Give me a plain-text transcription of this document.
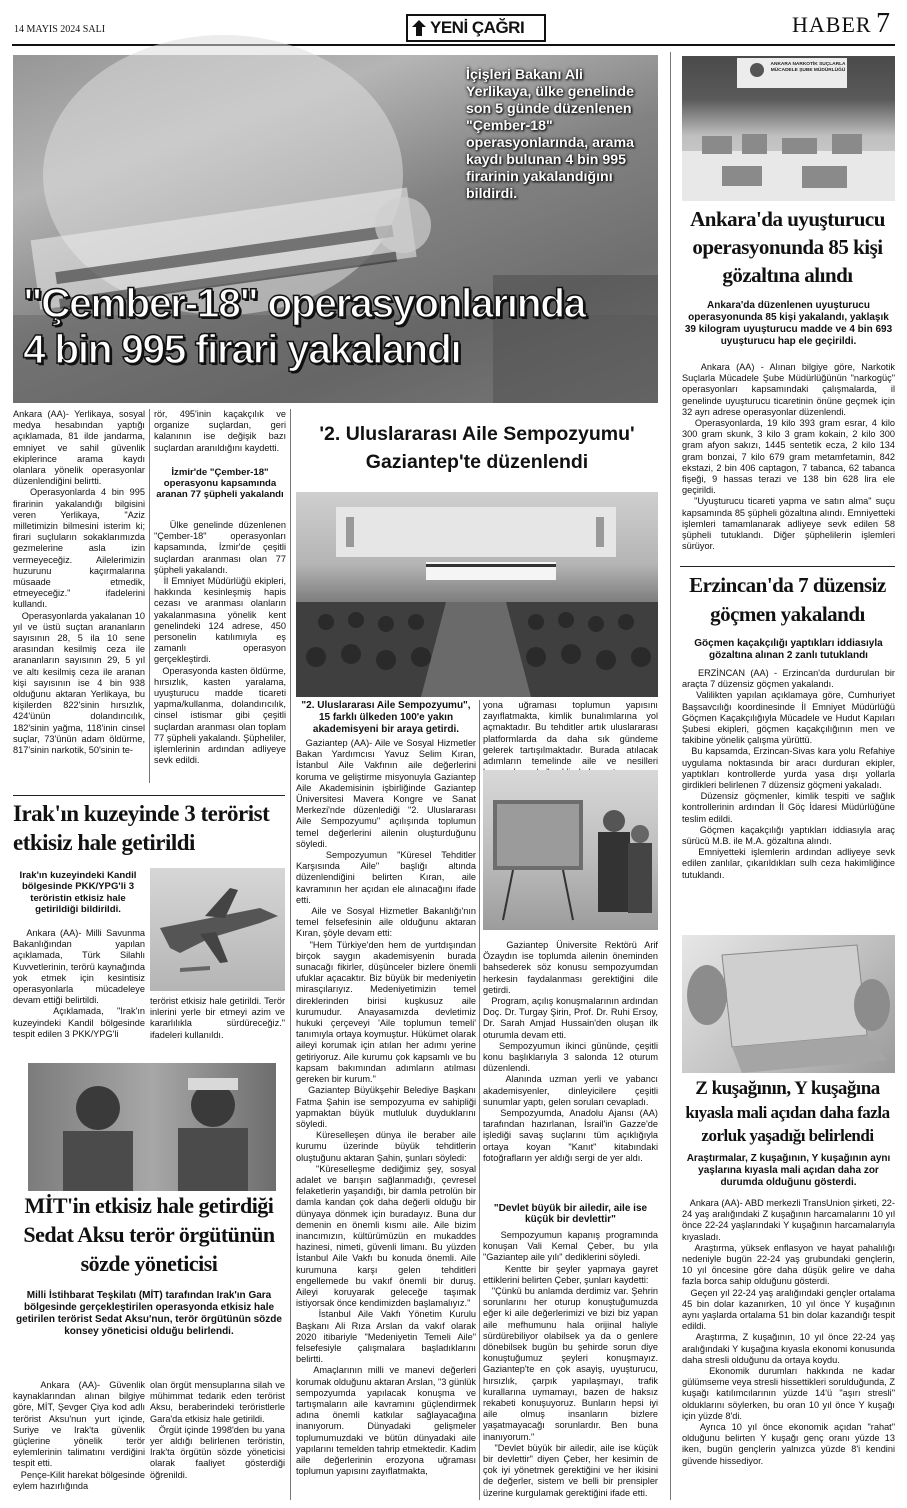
14 MAYIS 2024 SALI	YENİ ÇAĞRI	HABER 7
İçişleri Bakanı Ali Yerlikaya, ülke genelinde son 5 günde düzenlenen "Çember-18" operasyonlarında, arama kaydı bulunan 4 bin 995 firarinin yakalandığını bildirdi.
"Çember-18" operasyonlarında
4 bin 995 firari yakalandı

Ankara (AA)- Yerlikaya, sosyal medya hesabından yaptığı açıklamada, 81 ilde jandarma, emniyet ve sahil güvenlik ekiplerince arama kaydı olanlara yönelik operasyonlar düzenlendiğini belirtti.
Operasyonlarda 4 bin 995 firarinin yakalandığı bilgisini veren Yerlikaya, "Aziz milletimizin bilmesini isterim ki; firari suçluların sokaklarımızda gezmelerine asla izin vermeyeceğiz. Ailelerimizin huzurunu kaçırmalarına müsaade etmedik, etmeyeceğiz." ifadelerini kullandı.
Operasyonlarda yakalanan 10 yıl ve üstü suçtan arananların sayısının 28, 5 ila 10 sene arasından kesilmiş ceza ile arananların sayısının 29, 5 yıl ve altı kesilmiş ceza ile aranan kişi sayısının ise 4 bin 938 olduğunu aktaran Yerlikaya, bu kişilerden 822'sinin hırsızlık, 424'ünün dolandırıcılık, 182'sinin yağma, 118'inin cinsel suçlar, 73'ünün adam öldürme, 817'sinin narkotik, 50'sinin te-

rör, 495'inin kaçakçılık ve organize suçlardan, geri kalanının ise değişik bazı suçlardan aranıldığını kaydetti.

İzmir'de "Çember-18" operasyonu kapsamında aranan 77 şüpheli yakalandı

Ülke genelinde düzenlenen "Çember-18" operasyonları kapsamında, İzmir'de çeşitli suçlardan aranması olan 77 şüpheli yakalandı.
İl Emniyet Müdürlüğü ekipleri, hakkında kesinleşmiş hapis cezası ve aranması olanların yakalanmasına yönelik kent genelindeki 124 adrese, 450 personelin katılımıyla eş zamanlı operasyon gerçekleştirdi.
Operasyonda kasten öldürme, hırsızlık, kasten yaralama, uyuşturucu madde ticareti yapma/kullanma, dolandırıcılık, cinsel istismar gibi çeşitli suçlardan aranması olan toplam 77 şüpheli yakalandı. Şüpheliler, işlemlerinin ardından adliyeye sevk edildi.

'2. Uluslararası Aile Sempozyumu'
Gaziantep'te düzenlendi

"2. Uluslararası Aile Sempozyumu", 15 farklı ülkeden 100'e yakın akademisyeni bir araya getirdi.

Gaziantep (AA)- Aile ve Sosyal Hizmetler Bakan Yardımcısı Yavuz Selim Kıran, İstanbul Aile Vakfının aile değerlerini koruma ve geliştirme misyonuyla Gaziantep Aile Akademisinin işbirliğinde Gaziantep Üniversitesi Mavera Kongre ve Sanat Merkezi'nde düzenlediği "2. Uluslararası Aile Sempozyumu" açılışında toplumun temel değerlerini ailenin oluşturduğunu söyledi.
Sempozyumun "Küresel Tehditler Karşısında Aile" başlığı altında düzenlendiğini belirten Kıran, aile kavramının her açıdan ele alınacağını ifade etti.
Aile ve Sosyal Hizmetler Bakanlığı'nın temel felsefesinin aile olduğunu aktaran Kıran, şöyle devam etti:
"Hem Türkiye'den hem de yurtdışından birçok saygın akademisyenin burada sunacağı fikirler, düşünceler bizlere önemli ufuklar açacaktır. Biz büyük bir medeniyetin mirasçılarıyız. Medeniyetimizin temel direklerinden birisi kuşkusuz aile kurumudur. Anayasamızda devletimiz hukuki çerçeveyi 'Aile toplumun temeli' tanımıyla ortaya koymuştur. Hükümet olarak aileyi korumak için atılan her adımı yerine getiriyoruz. Aile kurumu çok kapsamlı ve bu kapsam bakımından adımların atılması gereken bir kurum."
Gaziantep Büyükşehir Belediye Başkanı Fatma Şahin ise sempozyuma ev sahipliği yapmaktan büyük mutluluk duyduklarını söyledi.
Küreselleşen dünya ile beraber aile kurumu üzerinde büyük tehditlerin oluştuğunu aktaran Şahin, şunları söyledi:
"Küreselleşme dediğimiz şey, sosyal adalet ve barışın sağlanmadığı, çevresel felaketlerin yaşandığı, bir damla petrolün bir damla kandan çok daha değerli olduğu bir dünyaya dönmek için buradayız. Buna dur demenin en önemli kısmı aile. Aile bizim inancımızın, kültürümüzün en mukaddes hazinesi, nimeti, güvenli limanı. Bu yüzden İstanbul Aile Vakfı bu konuda önemli. Aile kurumuna karşı gelen tehditleri engellemede bu vakıf önemli bir duruş. Aileyi koruyarak geleceğe taşımak istiyorsak önce kendimizden başlamalıyız."
İstanbul Aile Vakfı Yönetim Kurulu Başkanı Ali Rıza Arslan da vakıf olarak 2020 itibariyle "Medeniyetin Temeli Aile" felsefesiyle çalışmalara başladıklarını belirtti.
Amaçlarının milli ve manevi değerleri korumak olduğunu aktaran Arslan, "3 günlük sempozyumda yapılacak konuşma ve tartışmaların aile kavramını güçlendirmek adına önemli katkılar sağlayacağına inanıyorum. Dünyadaki gelişmeler toplumumuzdaki ve bütün dünyadaki aile yapılarını temelden tahrip etmektedir. Kadim aile değerlerinin erozyona uğraması toplumun yapısını zayıflatmakta,

yona uğraması toplumun yapısını zayıflatmakta, kimlik bunalımlarına yol açmaktadır. Bu tehditler artık uluslararası platformlarda da daha sık gündeme gelerek tartışılmaktadır. Burada atılacak adımların temelinde aile ve nesilleri

Gaziantep Üniversite Rektörü Arif Özaydın ise toplumda ailenin öneminden bahsederek söz konusu sempozyumdan herkesin faydalanması gerektiğini dile getirdi.
Program, açılış konuşmalarının ardından Doç. Dr. Turgay Şirin, Prof. Dr. Ruhi Ersoy, Dr. Sarah Amjad Hussain'den oluşan ilk oturumla devam etti.
Sempozyumun ikinci gününde, çeşitli konu başlıklarıyla 3 salonda 12 oturum düzenlendi.
Alanında uzman yerli ve yabancı akademisyenler, dinleyicilere çeşitli sunumlar yaptı, gelen soruları cevapladı.
Sempozyumda, Anadolu Ajansı (AA) tarafından hazırlanan, İsrail'in Gazze'de işlediği savaş suçlarını tüm açıklığıyla ortaya koyan "Kanıt" kitabındaki fotoğrafların yer aldığı sergi de yer aldı.

"Devlet büyük bir ailedir, aile ise küçük bir devlettir"

Sempozyumun kapanış programında konuşan Vali Kemal Çeber, bu yıla "Gaziantep aile yılı" dediklerini söyledi.
Kentte bir şeyler yapmaya gayret ettiklerini belirten Çeber, şunları kaydetti:
"Çünkü bu anlamda derdimiz var. Şehrin sorunlarını her oturup konuştuğumuzda eğer ki aile değerlerimizi ve bizi biz yapan aile mefhumunu hala orijinal haliyle sürdürebiliyor olabilsek ya da o genlere dönebilsek bugün bu şehirde sorun diye konuştuğumuz şeyleri konuşmayız. Gaziantep'te en çok asayiş, uyuşturucu, hırsızlık, çarpık yapılaşmayı, trafik kurallarına uymamayı, bazen de haksız rekabeti konuşuyoruz. Bunların hepsi iyi aile olmuş insanların bizlere yaşatmayacağı sorunlardır. Ben buna inanıyorum."
"Devlet büyük bir ailedir, aile ise küçük bir devlettir" diyen Çeber, her kesimin de çok iyi yönetmek gerektiğini ve her ikisini de değerler, sistem ve belli bir prensipler üzerine kurgulamak gerektiğini ifade etti.

Irak'ın kuzeyinde 3 terörist
etkisiz hale getirildi

Irak'ın kuzeyindeki Kandil bölgesinde PKK/YPG'li 3 teröristin etkisiz hale getirildiği bildirildi.

Ankara (AA)- Milli Savunma Bakanlığından yapılan açıklamada, Türk Silahlı Kuvvetlerinin, terörü kaynağında yok etmek için kesintisiz operasyonlarla mücadeleye devam ettiği belirtildi.
Açıklamada, "Irak'ın kuzeyindeki Kandil bölgesinde tespit edilen 3 PKK/YPG'li

terörist etkisiz hale getirildi. Terör inlerini yerle bir etmeyi azim ve kararlılıkla sürdüreceğiz." ifadeleri kullanıldı.

MİT'in etkisiz hale getirdiği
Sedat Aksu terör örgütünün
sözde yöneticisi

Milli İstihbarat Teşkilatı (MİT) tarafından Irak'ın Gara bölgesinde gerçekleştirilen operasyonda etkisiz hale getirilen terörist Sedat Aksu'nun, terör örgütünün sözde konsey yöneticisi olduğu belirlendi.

Ankara (AA)- Güvenlik kaynaklarından alınan bilgiye göre, MİT, Şevger Çiya kod adlı terörist Aksu'nun yurt içinde, Suriye ve Irak'ta güvenlik güçlerine yönelik terör eylemlerinin talimatını verdiğini tespit etti.
Pençe-Kilit harekat bölgesinde eylem hazırlığında

olan örgüt mensuplarına silah ve mühimmat tedarik eden terörist Aksu, beraberindeki teröristlerle Gara'da etkisiz hale getirildi.
Örgüt içinde 1998'den bu yana yer aldığı belirlenen teröristin, Irak'ta örgütün sözde yöneticisi olarak faaliyet gösterdiği öğrenildi.

ANKARA NARKOTİK SUÇLARLA MÜCADELE ŞUBE MÜDÜRLÜĞÜ
Ankara'da uyuşturucu
operasyonunda 85 kişi
gözaltına alındı

Ankara'da düzenlenen uyuşturucu operasyonunda 85 kişi yakalandı, yaklaşık 39 kilogram uyuşturucu madde ve 4 bin 693 uyuşturucu hap ele geçirildi.

Ankara (AA) - Alınan bilgiye göre, Narkotik Suçlarla Mücadele Şube Müdürlüğünün "narkogüç" operasyonları kapsamındaki çalışmalarda, il genelinde uyuşturucu ticaretinin önüne geçmek için 32 ayrı adrese operasyonlar düzenlendi.
Operasyonlarda, 19 kilo 393 gram esrar, 4 kilo 300 gram skunk, 3 kilo 3 gram kokain, 2 kilo 300 gram afyon sakızı, 1445 sentetik ecza, 2 kilo 134 gram bonzai, 7 kilo 679 gram metamfetamin, 842 ekstazi, 2 bin 406 captagon, 7 tabanca, 62 tabanca fişeği, 9 hassas terazi ve 138 bin 628 lira ele geçirildi.
"Uyuşturucu ticareti yapma ve satın alma" suçu kapsamında 85 şüpheli gözaltına alındı. Emniyetteki işlemleri tamamlanarak adliyeye sevk edilen 58 şüpheli tutuklandı. Diğer şüphelilerin işlemleri sürüyor.

Erzincan'da 7 düzensiz
göçmen yakalandı

Göçmen kaçakçılığı yaptıkları iddiasıyla gözaltına alınan 2 zanlı tutuklandı

ERZİNCAN (AA) - Erzincan'da durdurulan bir araçta 7 düzensiz göçmen yakalandı.
Valilikten yapılan açıklamaya göre, Cumhuriyet Başsavcılığı koordinesinde İl Emniyet Müdürlüğü Göçmen Kaçakçılığıyla Mücadele ve Hudut Kapıları Şubesi ekipleri, göçmen kaçakçılığının men ve takibine yönelik çalışma yürüttü.
Bu kapsamda, Erzincan-Sivas kara yolu Refahiye uygulama noktasında bir aracı durduran ekipler, yaptıkları kontrollerde yurda yasa dışı yollarla girdikleri belirlenen 7 düzensiz göçmeni yakaladı.
Düzensiz göçmenler, kimlik tespiti ve sağlık kontrollerinin ardından İl Göç İdaresi Müdürlüğüne teslim edildi.
Göçmen kaçakçılığı yaptıkları iddiasıyla araç sürücü M.B. ile M.A. gözaltına alındı.
Emniyetteki işlemlerin ardından adliyeye sevk edilen zanlılar, çıkarıldıkları sulh ceza hakimliğince tutuklandı.

Z kuşağının, Y kuşağına
kıyasla mali açıdan daha fazla
zorluk yaşadığı belirlendi

Araştırmalar, Z kuşağının, Y kuşağının aynı yaşlarına kıyasla mali açıdan daha zor durumda olduğunu gösterdi.

Ankara (AA)- ABD merkezli TransUnion şirketi, 22-24 yaş aralığındaki Z kuşağının harcamalarını 10 yıl önce 22-24 yaşlarındaki Y kuşağının harcamalarıyla kıyasladı.
Araştırma, yüksek enflasyon ve hayat pahalılığı nedeniyle bugün 22-24 yaş grubundaki gençlerin, 10 yıl öncesine göre daha düşük gelire ve daha fazla borca sahip olduğunu gösterdi.
Geçen yıl 22-24 yaş aralığındaki gençler ortalama 45 bin dolar kazanırken, 10 yıl önce Y kuşağının aynı yaşlarda ortalama 51 bin dolar kazandığı tespit edildi.
Araştırma, Z kuşağının, 10 yıl önce 22-24 yaş aralığındaki Y kuşağına kıyasla ekonomi konusunda daha stresli olduğunu da ortaya koydu.
Ekonomik durumları hakkında ne kadar gülümseme veya stresli hissettikleri sorulduğunda, Z kuşağı katılımcılarının yüzde 14'ü "aşırı stresli" olduklarını söylerken, bu oran 10 yıl önce Y kuşağı için yüzde 8'di.
Ayrıca 10 yıl önce ekonomik açıdan "rahat" olduğunu belirten Y kuşağı genç oranı yüzde 13 iken, bugün gençlerin yalnızca yüzde 8'i kendini güvende hissediyor.
